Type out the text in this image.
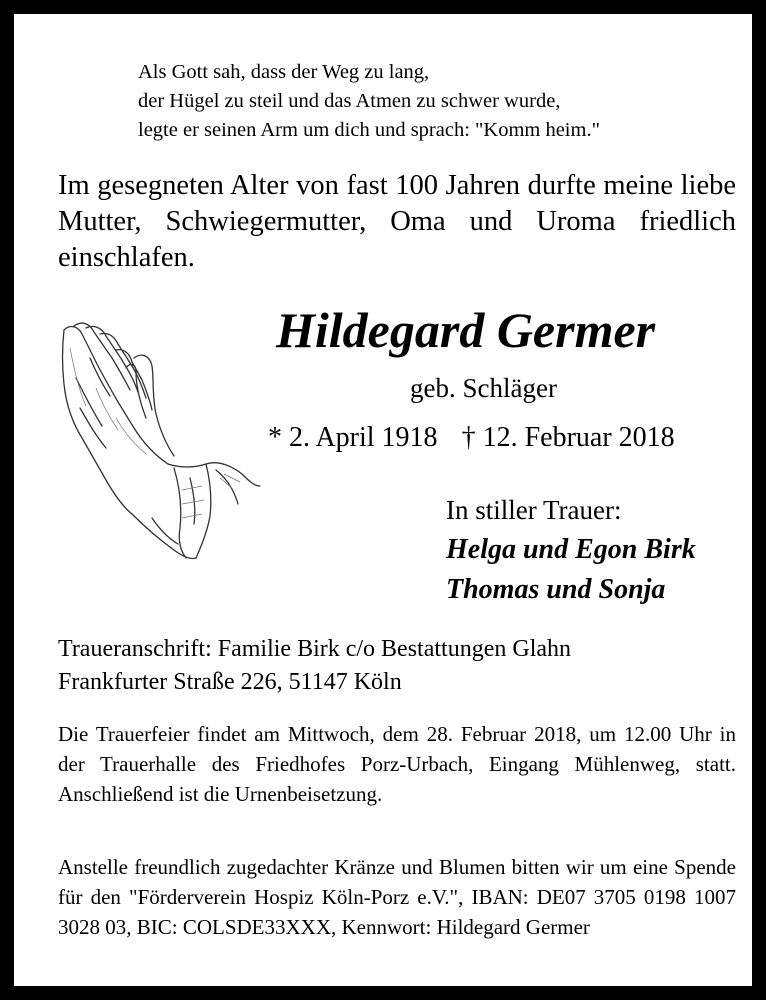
Als Gott sah, dass der Weg zu lang,
der Hügel zu steil und das Atmen zu schwer wurde,
legte er seinen Arm um dich und sprach: "Komm heim."
Im gesegneten Alter von fast 100 Jahren durfte meine liebe Mutter, Schwiegermutter, Oma und Uroma friedlich einschlafen.
Hildegard Germer
geb. Schläger
* 2. April 1918 † 12. Februar 2018
In stiller Trauer:
Helga und Egon Birk
Thomas und Sonja
Traueranschrift: Familie Birk c/o Bestattungen Glahn
Frankfurter Straße 226, 51147 Köln
Die Trauerfeier findet am Mittwoch, dem 28. Februar 2018, um 12.00 Uhr in der Trauerhalle des Friedhofes Porz-Urbach, Eingang Mühlenweg, statt. Anschließend ist die Urnenbeisetzung.
Anstelle freundlich zugedachter Kränze und Blumen bitten wir um eine Spende für den "Förderverein Hospiz Köln-Porz e.V.", IBAN: DE07 3705 0198 1007 3028 03, BIC: COLSDE33XXX, Kennwort: Hildegard Germer
